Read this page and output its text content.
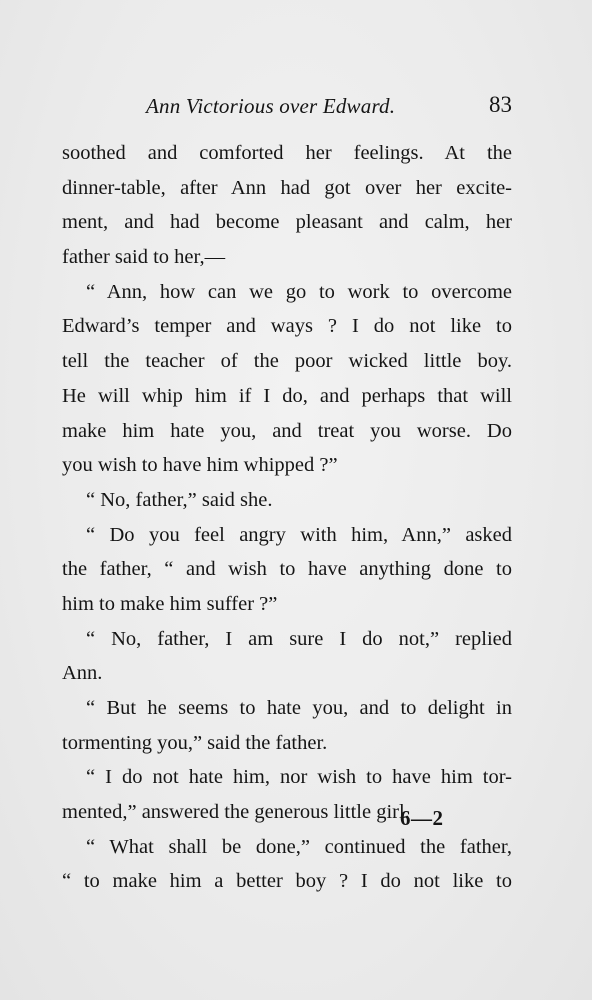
Ann Victorious over Edward.	83
soothed and comforted her feelings. At the
dinner-table, after Ann had got over her excite-
ment, and had become pleasant and calm, her
father said to her,—
“ Ann, how can we go to work to overcome
Edward’s temper and ways ? I do not like to
tell the teacher of the poor wicked little boy.
He will whip him if I do, and perhaps that will
make him hate you, and treat you worse. Do
you wish to have him whipped ?”
“ No, father,” said she.
“ Do you feel angry with him, Ann,” asked
the father, “ and wish to have anything done to
him to make him suffer ?”
“ No, father, I am sure I do not,” replied
Ann.
“ But he seems to hate you, and to delight in
tormenting you,” said the father.
“ I do not hate him, nor wish to have him tor-
mented,” answered the generous little girl.
“ What shall be done,” continued the father,
“ to make him a better boy ? I do not like to
6—2
